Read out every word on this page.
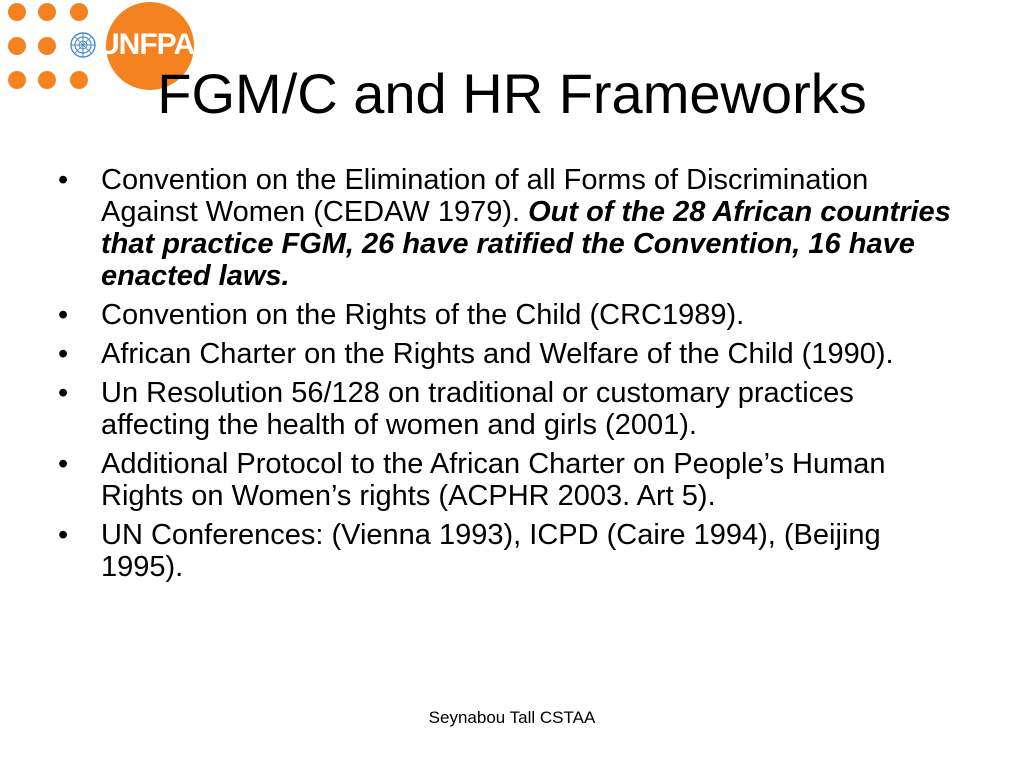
UNFPA
FGM/C and HR Frameworks
•	Convention on the Elimination of all Forms of Discrimination Against Women (CEDAW 1979). Out of the 28 African countries that practice FGM, 26 have ratified the Convention, 16 have enacted laws.
•	Convention on the Rights of the Child (CRC1989).
•	African Charter on the Rights and Welfare of the Child (1990).
•	Un Resolution 56/128 on traditional or customary practices affecting the health of women and girls (2001).
•	Additional Protocol to the African Charter on People’s Human Rights on Women’s rights (ACPHR 2003. Art 5).
•	UN Conferences: (Vienna 1993), ICPD (Caire 1994), (Beijing 1995).
Seynabou Tall CSTAA
